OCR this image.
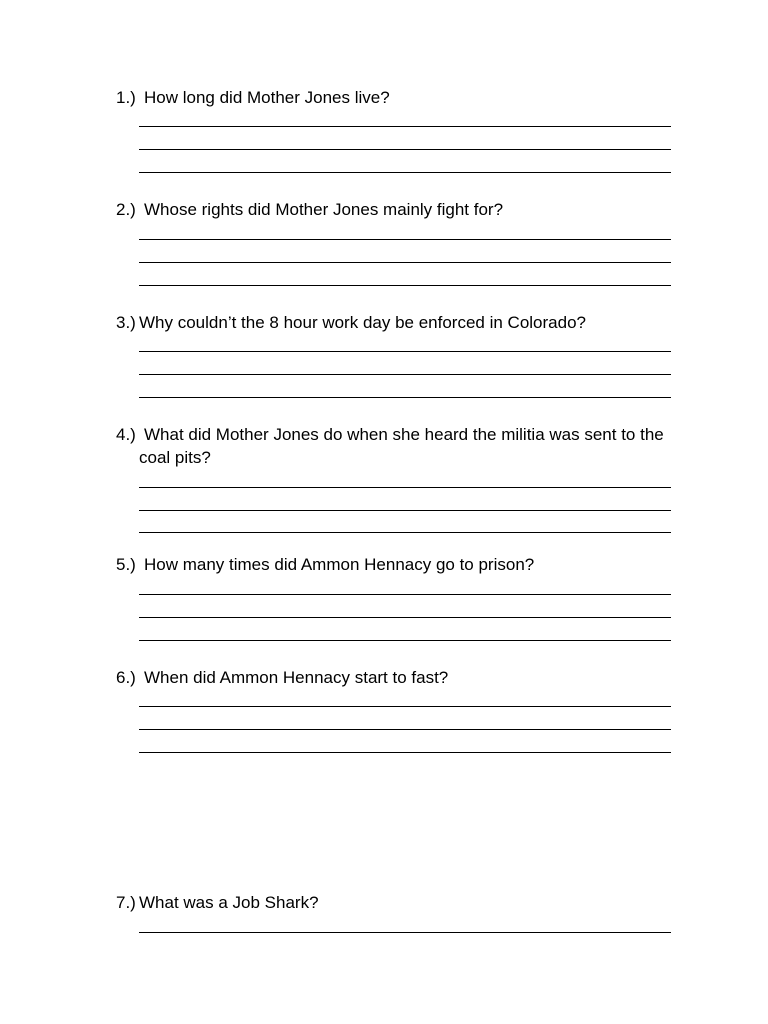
1.) How long did Mother Jones live?
2.) Whose rights did Mother Jones mainly fight for?
3.) Why couldn’t the 8 hour work day be enforced in Colorado?
4.) What did Mother Jones do when she heard the militia was sent to the coal pits?
5.) How many times did Ammon Hennacy go to prison?
6.) When did Ammon Hennacy start to fast?
7.) What was a Job Shark?
